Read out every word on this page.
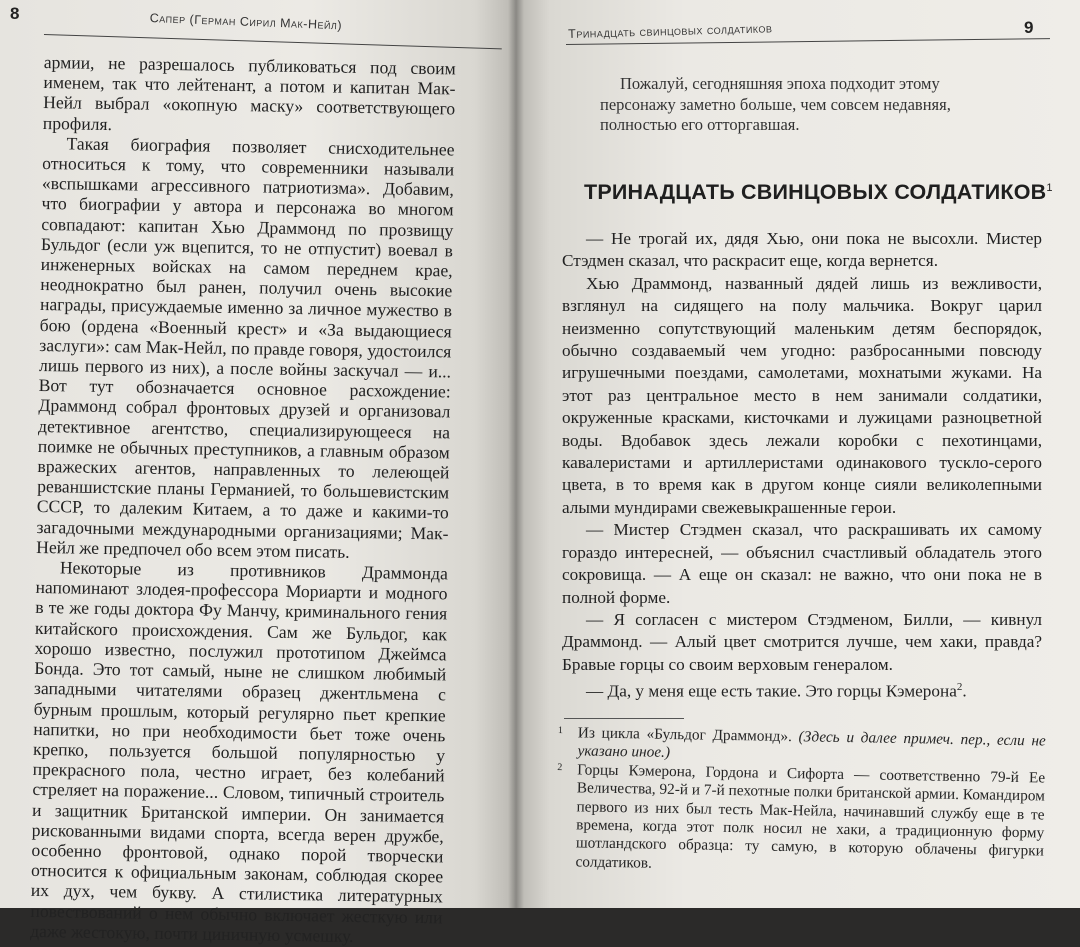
8	Сапер (Герман Сирил Мак-Нейл)

армии, не разрешалось публиковаться под своим именем, так что лейтенант, а потом и капитан Мак-Нейл выбрал «окопную маску» соответствующего профиля.

Такая биография позволяет снисходительнее относиться к тому, что современники называли «вспышками агрессивного патриотизма». Добавим, что биографии у автора и персонажа во многом совпадают: капитан Хью Драммонд по прозвищу Бульдог (если уж вцепится, то не отпустит) воевал в инженерных войсках на самом переднем крае, неоднократно был ранен, получил очень высокие награды, присуждаемые именно за личное мужество в бою (ордена «Военный крест» и «За выдающиеся заслуги»: сам Мак-Нейл, по правде говоря, удостоился лишь первого из них), а после войны заскучал — и... Вот тут обозначается основное расхождение: Драммонд собрал фронтовых друзей и организовал детективное агентство, специализирующееся на поимке не обычных преступников, а главным образом вражеских агентов, направленных то лелеющей реваншистские планы Германией, то большевистским СССР, то далеким Китаем, а то даже и какими-то загадочными международными организациями; Мак-Нейл же предпочел обо всем этом писать.

Некоторые из противников Драммонда напоминают злодея-профессора Мориарти и модного в те же годы доктора Фу Манчу, криминального гения китайского происхождения. Сам же Бульдог, как хорошо известно, послужил прототипом Джеймса Бонда. Это тот самый, ныне не слишком любимый западными читателями образец джентльмена с бурным прошлым, который регулярно пьет крепкие напитки, но при необходимости бьет тоже очень крепко, пользуется большой популярностью у прекрасного пола, честно играет, без колебаний стреляет на поражение... Словом, типичный строитель и защитник Британской империи. Он занимается рискованными видами спорта, всегда верен дружбе, особенно фронтовой, однако порой творчески относится к официальным законам, соблюдая скорее их дух, чем букву. А стилистика литературных повествований о нем обычно включает жесткую или даже жестокую, почти циничную усмешку.

Тринадцать свинцовых солдатиков	9
Пожалуй, сегодняшняя эпоха подходит этому персонажу заметно больше, чем совсем недавняя, полностью его отторгавшая.
ТРИНАДЦАТЬ СВИНЦОВЫХ СОЛДАТИКОВ$^1$

— Не трогай их, дядя Хью, они пока не высохли. Мистер Стэдмен сказал, что раскрасит еще, когда вернется.

Хью Драммонд, названный дядей лишь из вежливости, взглянул на сидящего на полу мальчика. Вокруг царил неизменно сопутствующий маленьким детям беспорядок, обычно создаваемый чем угодно: разбросанными повсюду игрушечными поездами, самолетами, мохнатыми жуками. На этот раз центральное место в нем занимали солдатики, окруженные красками, кисточками и лужицами разноцветной воды. Вдобавок здесь лежали коробки с пехотинцами, кавалеристами и артиллеристами одинакового тускло-серого цвета, в то время как в другом конце сияли великолепными алыми мундирами свежевыкрашенные герои.

— Мистер Стэдмен сказал, что раскрашивать их самому гораздо интересней, — объяснил счастливый обладатель этого сокровища. — А еще он сказал: не важно, что они пока не в полной форме.

— Я согласен с мистером Стэдменом, Билли, — кивнул Драммонд. — Алый цвет смотрится лучше, чем хаки, правда? Бравые горцы со своим верховым генералом.

— Да, у меня еще есть такие. Это горцы Кэмерона$^2$.

1 Из цикла «Бульдог Драммонд». (Здесь и далее примеч. пер., если не указано иное.)
2 Горцы Кэмерона, Гордона и Сифорта — соответственно 79-й Ее Величества, 92-й и 7-й пехотные полки британской армии. Командиром первого из них был тесть Мак-Нейла, начинавший службу еще в те времена, когда этот полк носил не хаки, а традиционную форму шотландского образца: ту самую, в которую облачены фигурки солдатиков.
